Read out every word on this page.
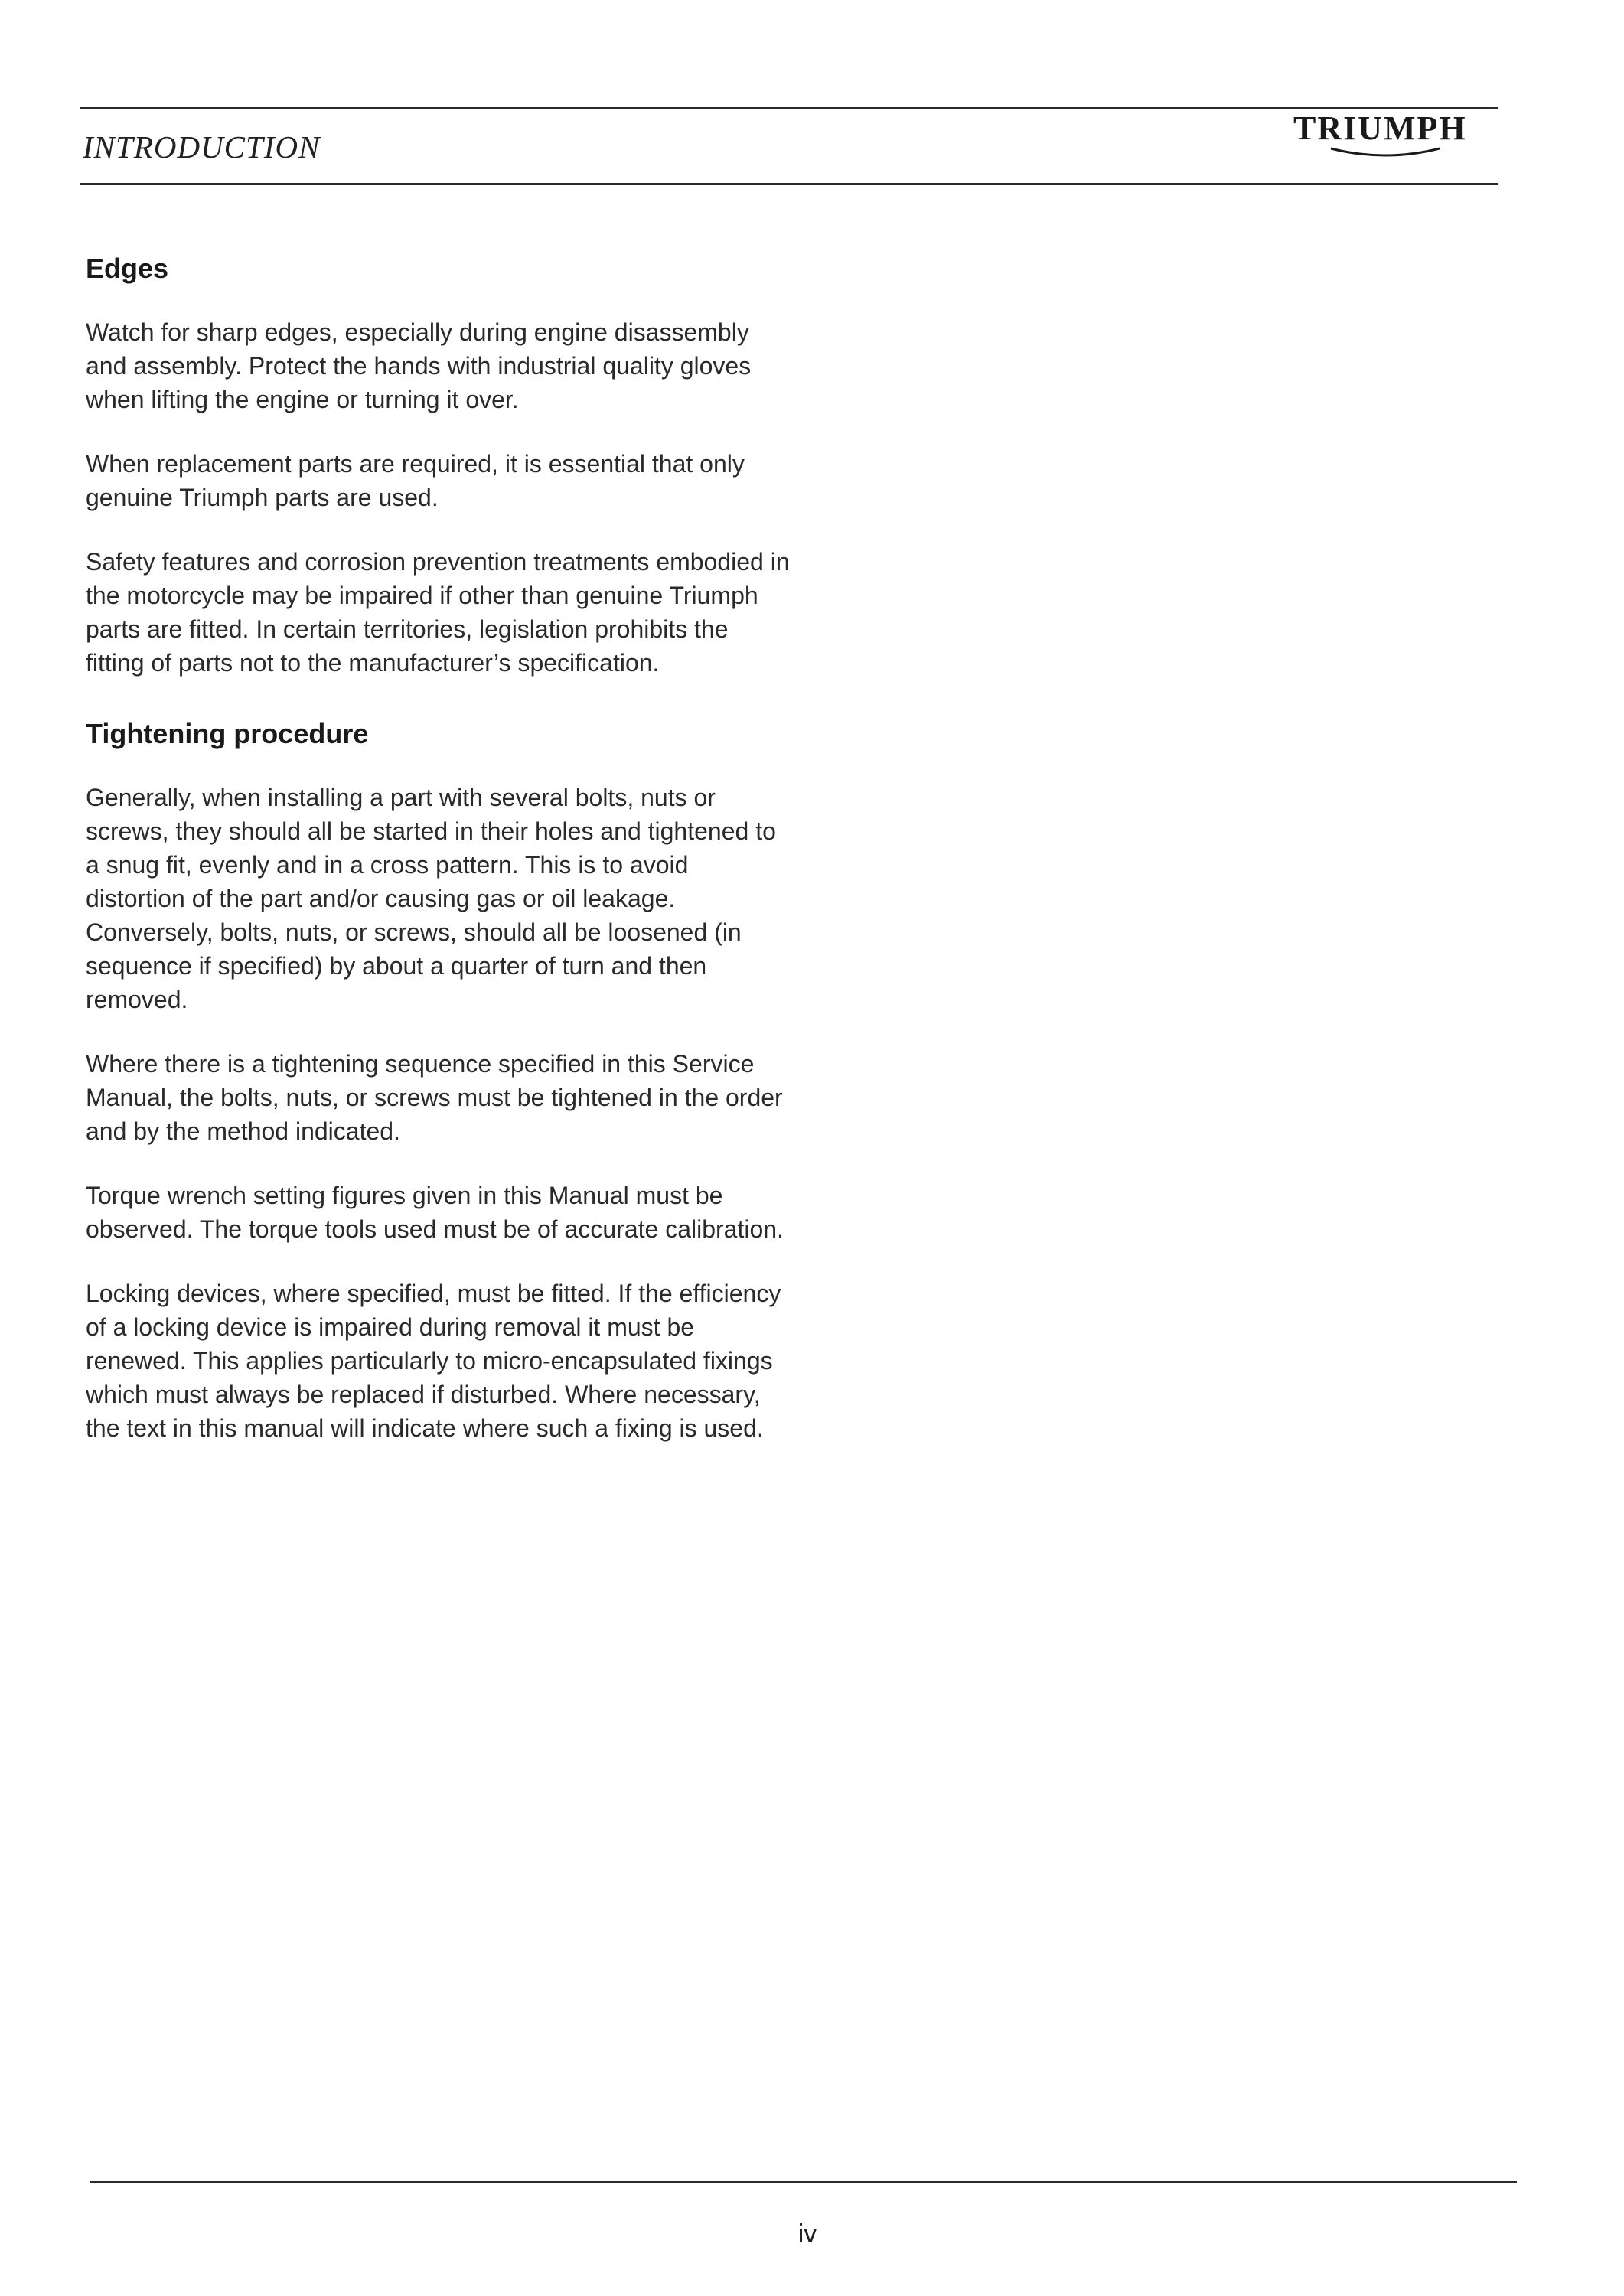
INTRODUCTION	TRIUMPH
Edges

Watch for sharp edges, especially during engine disassembly and assembly. Protect the hands with industrial quality gloves when lifting the engine or turning it over.

When replacement parts are required, it is essential that only genuine Triumph parts are used.

Safety features and corrosion prevention treatments embodied in the motorcycle may be impaired if other than genuine Triumph parts are fitted. In certain territories, legislation prohibits the fitting of parts not to the manufacturer’s specification.

Tightening procedure

Generally, when installing a part with several bolts, nuts or screws, they should all be started in their holes and tightened to a snug fit, evenly and in a cross pattern. This is to avoid distortion of the part and/or causing gas or oil leakage. Conversely, bolts, nuts, or screws, should all be loosened (in sequence if specified) by about a quarter of turn and then removed.

Where there is a tightening sequence specified in this Service Manual, the bolts, nuts, or screws must be tightened in the order and by the method indicated.

Torque wrench setting figures given in this Manual must be observed. The torque tools used must be of accurate calibration.

Locking devices, where specified, must be fitted. If the efficiency of a locking device is impaired during removal it must be renewed. This applies particularly to micro-encapsulated fixings which must always be replaced if disturbed. Where necessary, the text in this manual will indicate where such a fixing is used.

iv
